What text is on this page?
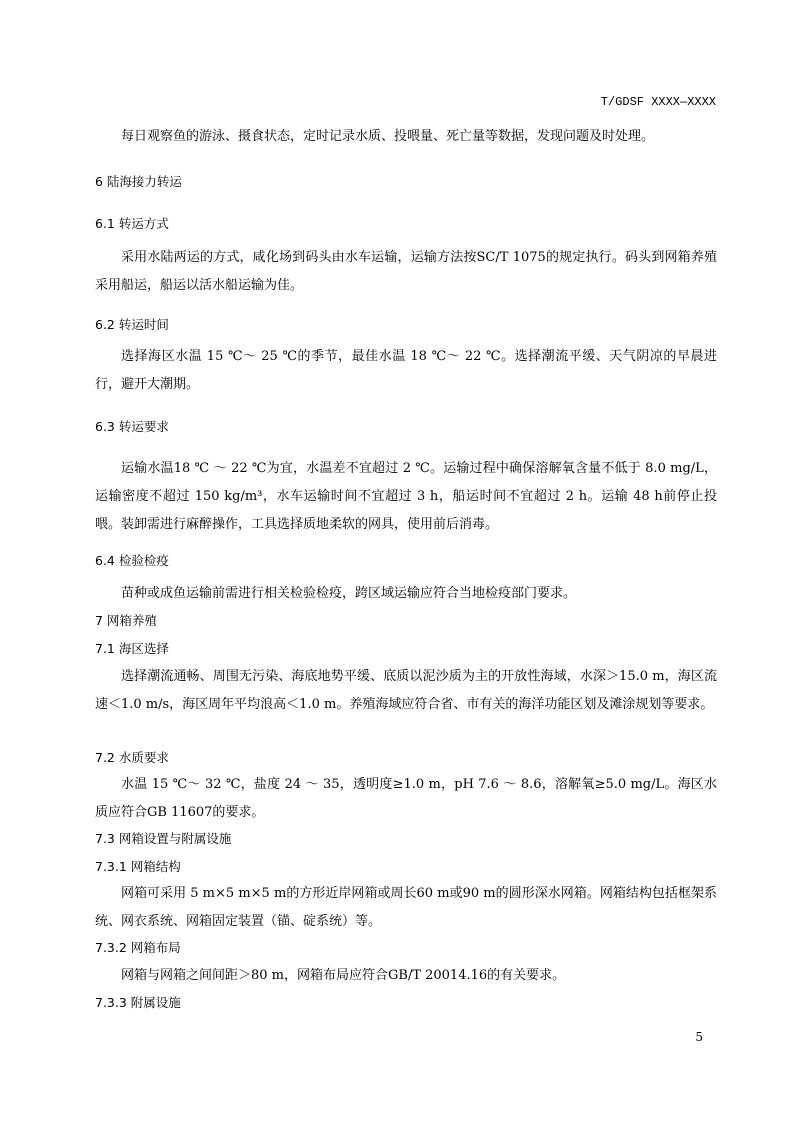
T/GDSF XXXX—XXXX
每日观察鱼的游泳、摄食状态，定时记录水质、投喂量、死亡量等数据，发现问题及时处理。
6 陆海接力转运
6.1 转运方式
采用水陆两运的方式，咸化场到码头由水车运输，运输方法按SC/T 1075的规定执行。码头到网箱养殖采用船运，船运以活水船运输为佳。
6.2 转运时间
选择海区水温 15 ℃～ 25 ℃的季节，最佳水温 18 ℃～ 22 ℃。选择潮流平缓、天气阴凉的早晨进行，避开大潮期。
6.3 转运要求
运输水温18 ℃ ～ 22 ℃为宜，水温差不宜超过 2 ℃。运输过程中确保溶解氧含量不低于 8.0 mg/L，运输密度不超过 150 kg/m³，水车运输时间不宜超过 3 h，船运时间不宜超过 2 h。运输 48 h前停止投喂。装卸需进行麻醉操作，工具选择质地柔软的网具，使用前后消毒。
6.4 检验检疫
苗种或成鱼运输前需进行相关检验检疫，跨区域运输应符合当地检疫部门要求。
7 网箱养殖
7.1 海区选择
选择潮流通畅、周围无污染、海底地势平缓、底质以泥沙质为主的开放性海域，水深＞15.0 m，海区流速＜1.0 m/s，海区周年平均浪高＜1.0 m。养殖海域应符合省、市有关的海洋功能区划及滩涂规划等要求。
7.2 水质要求
水温 15 ℃～ 32 ℃，盐度 24 ～ 35，透明度≥1.0 m，pH 7.6 ～ 8.6，溶解氧≥5.0 mg/L。海区水质应符合GB 11607的要求。
7.3 网箱设置与附属设施
7.3.1 网箱结构
网箱可采用 5 m×5 m×5 m的方形近岸网箱或周长60 m或90 m的圆形深水网箱。网箱结构包括框架系统、网衣系统、网箱固定装置（锚、碇系统）等。
7.3.2 网箱布局
网箱与网箱之间间距＞80 m，网箱布局应符合GB/T 20014.16的有关要求。
7.3.3 附属设施
5
